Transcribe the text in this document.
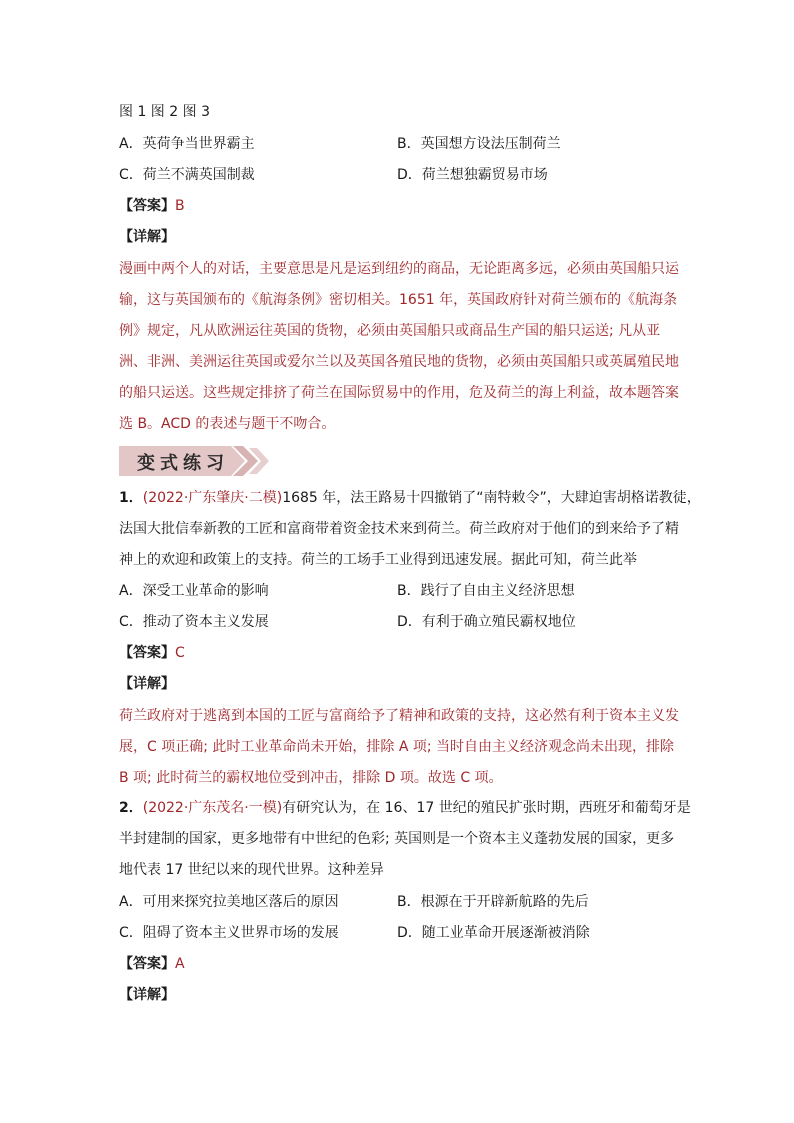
图 1 图 2 图 3
A．英荷争当世界霸主	B．英国想方设法压制荷兰
C．荷兰不满英国制裁	D．荷兰想独霸贸易市场
【答案】B
【详解】
漫画中两个人的对话，主要意思是凡是运到纽约的商品，无论距离多远，必须由英国船只运输，这与英国颁布的《航海条例》密切相关。1651 年，英国政府针对荷兰颁布的《航海条例》规定，凡从欧洲运往英国的货物，必须由英国船只或商品生产国的船只运送; 凡从亚洲、非洲、美洲运往英国或爱尔兰以及英国各殖民地的货物，必须由英国船只或英属殖民地的船只运送。这些规定排挤了荷兰在国际贸易中的作用，危及荷兰的海上利益，故本题答案选 B。ACD 的表述与题干不吻合。
变式练习
1．(2022·广东肇庆·二模)1685 年，法王路易十四撤销了“南特敕令”，大肆迫害胡格诺教徒，
法国大批信奉新教的工匠和富商带着资金技术来到荷兰。荷兰政府对于他们的到来给予了精
神上的欢迎和政策上的支持。荷兰的工场手工业得到迅速发展。据此可知，荷兰此举
A．深受工业革命的影响	B．践行了自由主义经济思想
C．推动了资本主义发展	D．有利于确立殖民霸权地位
【答案】C
【详解】
荷兰政府对于逃离到本国的工匠与富商给予了精神和政策的支持，这必然有利于资本主义发展，C 项正确; 此时工业革命尚未开始，排除 A 项; 当时自由主义经济观念尚未出现，排除 B 项; 此时荷兰的霸权地位受到冲击，排除 D 项。故选 C 项。
2．(2022·广东茂名·一模)有研究认为，在 16、17 世纪的殖民扩张时期，西班牙和葡萄牙是
半封建制的国家，更多地带有中世纪的色彩; 英国则是一个资本主义蓬勃发展的国家，更多
地代表 17 世纪以来的现代世界。这种差异
A．可用来探究拉美地区落后的原因	B．根源在于开辟新航路的先后
C．阻碍了资本主义世界市场的发展	D．随工业革命开展逐渐被消除
【答案】A
【详解】
